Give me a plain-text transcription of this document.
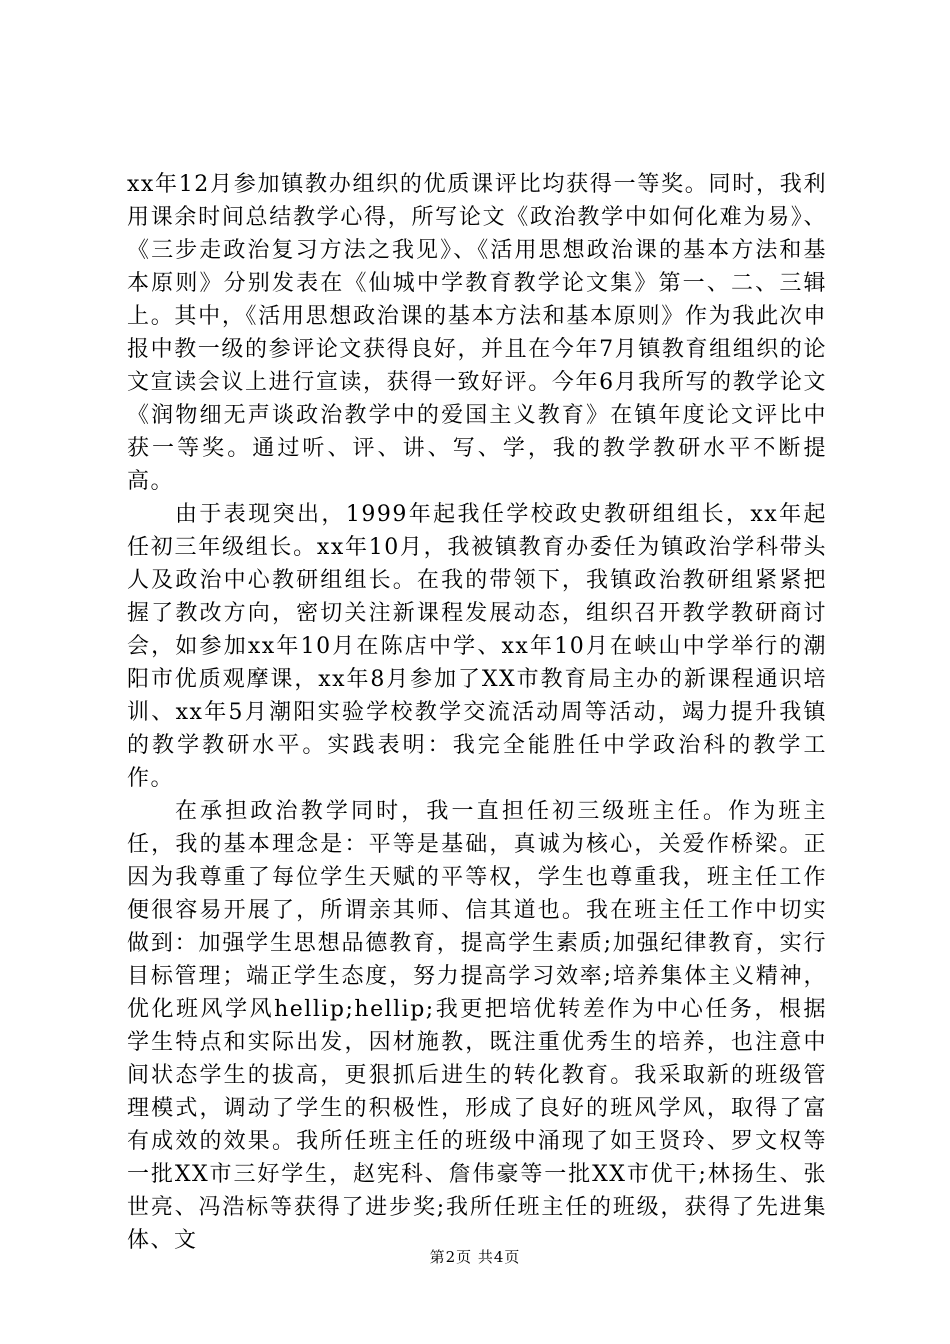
xx年12月参加镇教办组织的优质课评比均获得一等奖。同时，我利用课余时间总结教学心得，所写论文《政治教学中如何化难为易》、《三步走政治复习方法之我见》、《活用思想政治课的基本方法和基本原则》分别发表在《仙城中学教育教学论文集》第一、二、三辑上。其中，《活用思想政治课的基本方法和基本原则》作为我此次申报中教一级的参评论文获得良好，并且在今年7月镇教育组组织的论文宣读会议上进行宣读，获得一致好评。今年6月我所写的教学论文《润物细无声谈政治教学中的爱国主义教育》在镇年度论文评比中获一等奖。通过听、评、讲、写、学，我的教学教研水平不断提高。

由于表现突出，1999年起我任学校政史教研组组长，xx年起任初三年级组长。xx年10月，我被镇教育办委任为镇政治学科带头人及政治中心教研组组长。在我的带领下，我镇政治教研组紧紧把握了教改方向，密切关注新课程发展动态，组织召开教学教研商讨会，如参加xx年10月在陈店中学、xx年10月在峡山中学举行的潮阳市优质观摩课，xx年8月参加了XX市教育局主办的新课程通识培训、xx年5月潮阳实验学校教学交流活动周等活动，竭力提升我镇的教学教研水平。实践表明：我完全能胜任中学政治科的教学工作。

在承担政治教学同时，我一直担任初三级班主任。作为班主任，我的基本理念是：平等是基础，真诚为核心，关爱作桥梁。正因为我尊重了每位学生天赋的平等权，学生也尊重我，班主任工作便很容易开展了，所谓亲其师、信其道也。我在班主任工作中切实做到：加强学生思想品德教育，提高学生素质;加强纪律教育，实行目标管理；端正学生态度，努力提高学习效率;培养集体主义精神，优化班风学风hellip;hellip;我更把培优转差作为中心任务，根据学生特点和实际出发，因材施教，既注重优秀生的培养，也注意中间状态学生的拔高，更狠抓后进生的转化教育。我采取新的班级管理模式，调动了学生的积极性，形成了良好的班风学风，取得了富有成效的效果。我所任班主任的班级中涌现了如王贤玲、罗文权等一批XX市三好学生，赵宪科、詹伟豪等一批XX市优干;林扬生、张世亮、冯浩标等获得了进步奖;我所任班主任的班级，获得了先进集体、文

第2页 共4页
